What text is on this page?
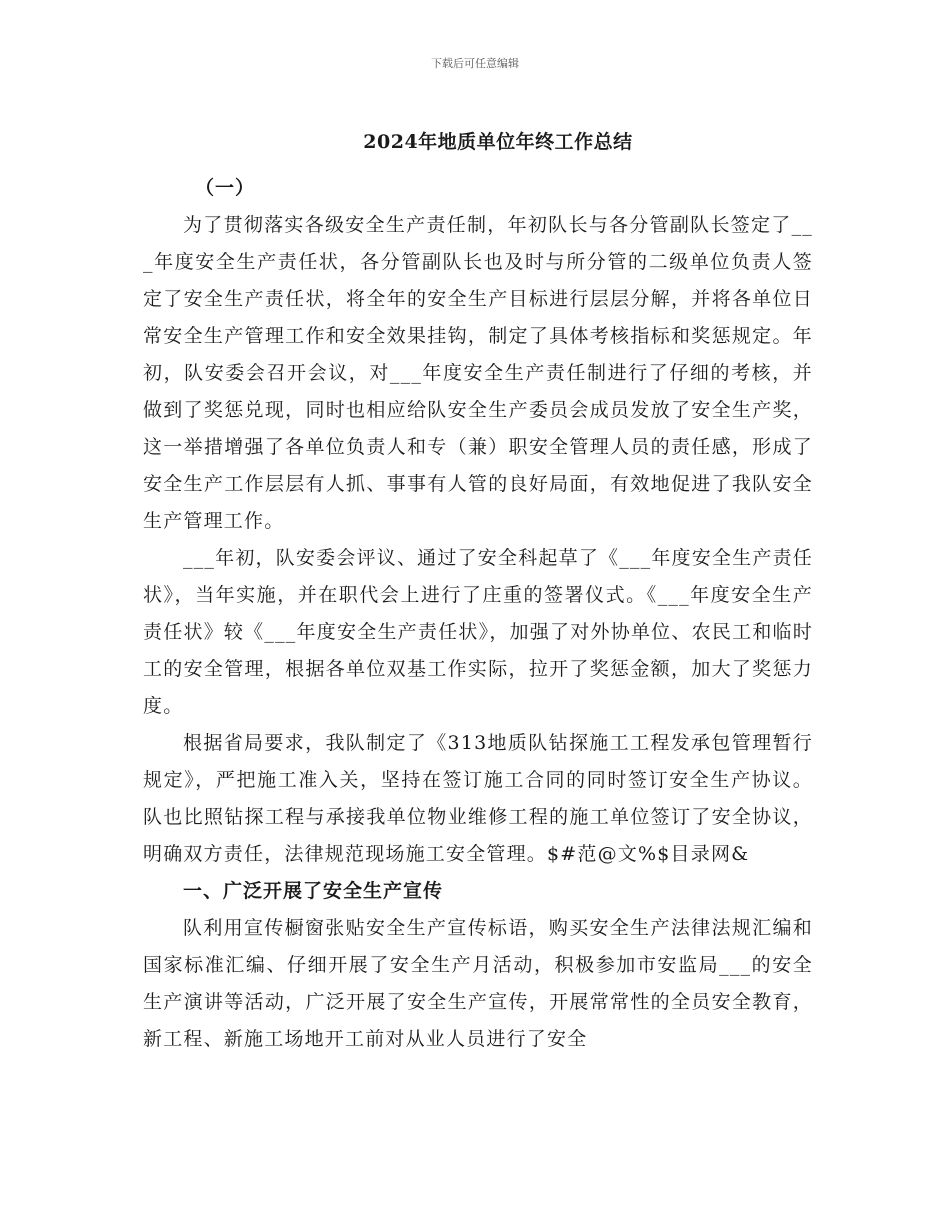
下载后可任意编辑
2024年地质单位年终工作总结

（一）

为了贯彻落实各级安全生产责任制，年初队长与各分管副队长签定了___年度安全生产责任状，各分管副队长也及时与所分管的二级单位负责人签定了安全生产责任状，将全年的安全生产目标进行层层分解，并将各单位日常安全生产管理工作和安全效果挂钩，制定了具体考核指标和奖惩规定。年初，队安委会召开会议，对___年度安全生产责任制进行了仔细的考核，并做到了奖惩兑现，同时也相应给队安全生产委员会成员发放了安全生产奖，这一举措增强了各单位负责人和专（兼）职安全管理人员的责任感，形成了安全生产工作层层有人抓、事事有人管的良好局面，有效地促进了我队安全生产管理工作。

___年初，队安委会评议、通过了安全科起草了《___年度安全生产责任状》，当年实施，并在职代会上进行了庄重的签署仪式。《___年度安全生产责任状》较《___年度安全生产责任状》，加强了对外协单位、农民工和临时工的安全管理，根据各单位双基工作实际，拉开了奖惩金额，加大了奖惩力度。

根据省局要求，我队制定了《313地质队钻探施工工程发承包管理暂行规定》，严把施工准入关，坚持在签订施工合同的同时签订安全生产协议。队也比照钻探工程与承接我单位物业维修工程的施工单位签订了安全协议，明确双方责任，法律规范现场施工安全管理。$#范@文%$目录网&

一、广泛开展了安全生产宣传

队利用宣传橱窗张贴安全生产宣传标语，购买安全生产法律法规汇编和国家标准汇编、仔细开展了安全生产月活动，积极参加市安监局___的安全生产演讲等活动，广泛开展了安全生产宣传，开展常常性的全员安全教育，新工程、新施工场地开工前对从业人员进行了安全
